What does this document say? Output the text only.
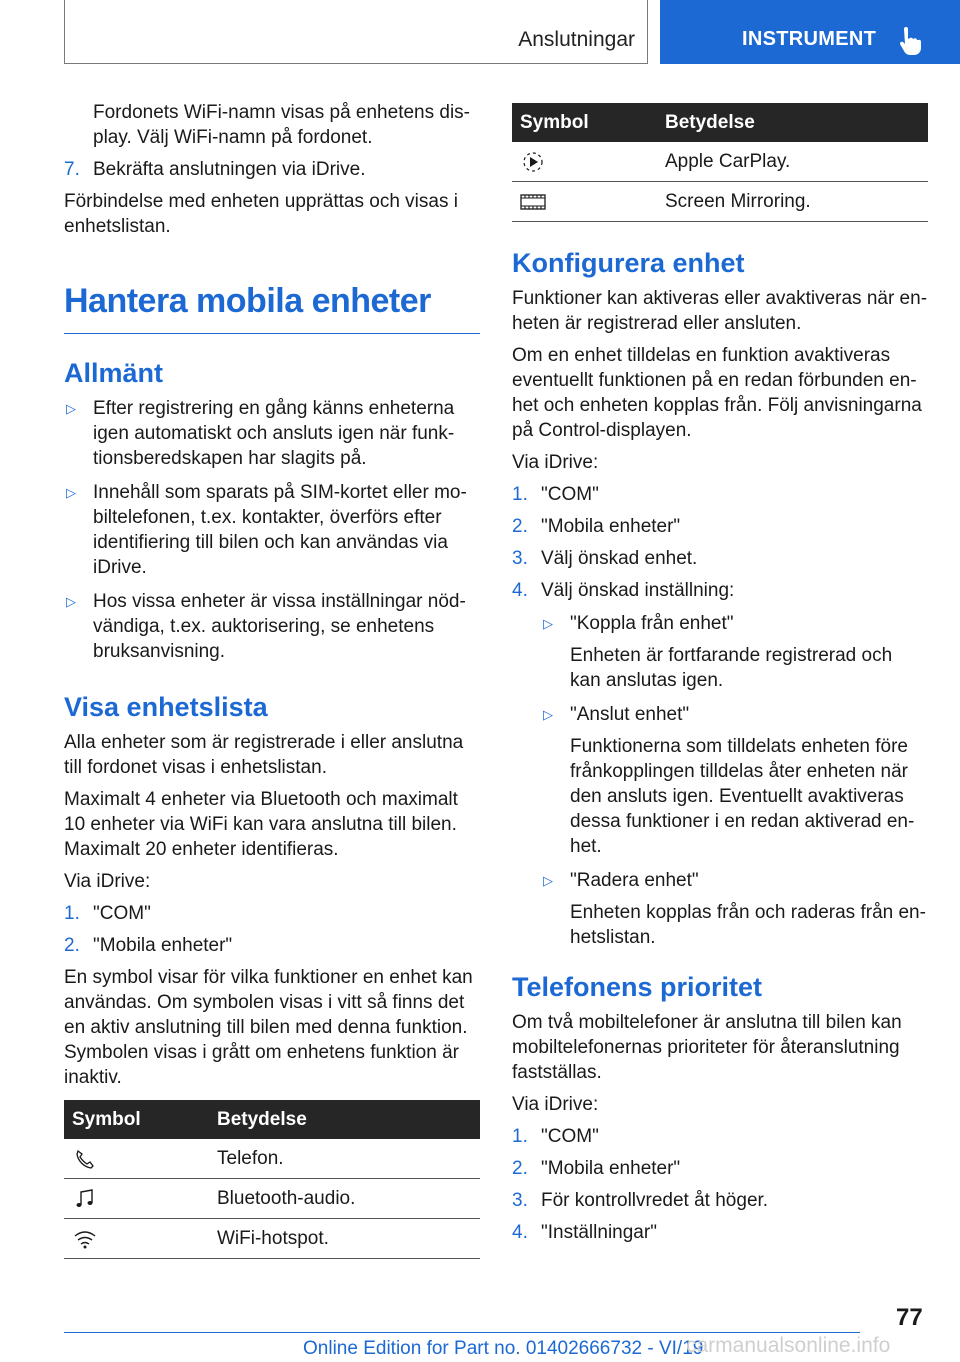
Anslutningar	INSTRUMENT

Fordonets WiFi-namn visas på enhetens display. Välj WiFi-namn på fordonet.

7. Bekräfta anslutningen via iDrive.

Förbindelse med enheten upprättas och visas i enhetslistan.

Hantera mobila enheter
Allmänt
▷ Efter registrering en gång känns enheterna igen automatiskt och ansluts igen när funktionsberedskapen har slagits på.
▷ Innehåll som sparats på SIM-kortet eller mobiltelefonen, t.ex. kontakter, överförs efter identifiering till bilen och kan användas via iDrive.
▷ Hos vissa enheter är vissa inställningar nödvändiga, t.ex. auktorisering, se enhetens bruksanvisning.
Visa enhetslista

Alla enheter som är registrerade i eller anslutna till fordonet visas i enhetslistan.

Maximalt 4 enheter via Bluetooth och maximalt 10 enheter via WiFi kan vara anslutna till bilen. Maximalt 20 enheter identifieras.

Via iDrive:

1. "COM"
2. "Mobila enheter"

En symbol visar för vilka funktioner en enhet kan användas. Om symbolen visas i vitt så finns det en aktiv anslutning till bilen med denna funktion. Symbolen visas i grått om enhetens funktion är inaktiv.

Symbol	Betydelse
	Telefon.
	Bluetooth-audio.
	WiFi-hotspot.
Symbol	Betydelse
	Apple CarPlay.
	Screen Mirroring.
Konfigurera enhet

Funktioner kan aktiveras eller avaktiveras när enheten är registrerad eller ansluten.

Om en enhet tilldelas en funktion avaktiveras eventuellt funktionen på en redan förbunden enhet och enheten kopplas från. Följ anvisningarna på Control-displayen.

Via iDrive:

1. "COM"
2. "Mobila enheter"
3. Välj önskad enhet.
4. Välj önskad inställning:
▷ "Koppla från enhet"
Enheten är fortfarande registrerad och kan anslutas igen.
▷ "Anslut enhet"
Funktionerna som tilldelats enheten före frånkopplingen tilldelas åter enheten när den ansluts igen. Eventuellt avaktiveras dessa funktioner i en redan aktiverad enhet.
▷ "Radera enhet"
Enheten kopplas från och raderas från enhetslistan.
Telefonens prioritet

Om två mobiltelefoner är anslutna till bilen kan mobiltelefonernas prioriteter för återanslutning fastställas.

Via iDrive:

1. "COM"
2. "Mobila enheter"
3. För kontrollvredet åt höger.
4. "Inställningar"
77
Online Edition for Part no. 01402666732 - VI/19
carmanualsonline.info
